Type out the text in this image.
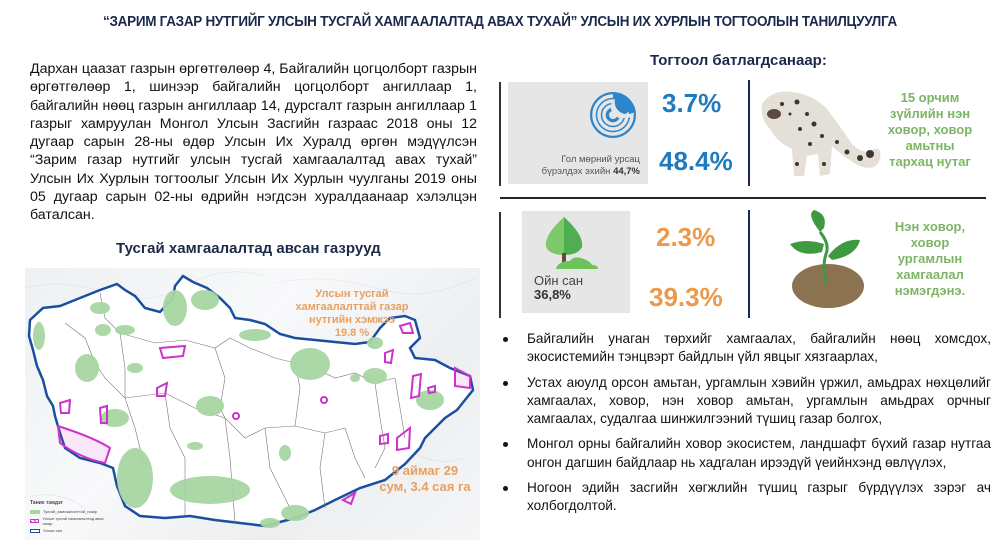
“ЗАРИМ ГАЗАР НУТГИЙГ УЛСЫН ТУСГАЙ ХАМГААЛАЛТАД АВАХ ТУХАЙ” УЛСЫН ИХ ХУРЛЫН ТОГТООЛЫН ТАНИЛЦУУЛГА
Дархан цаазат газрын өргөтгөлөөр 4, Байгалийн цогцолборт газрын өргөтгөлөөр 1, шинээр байгалийн цогцолборт ангиллаар 1, байгалийн нөөц газрын ангиллаар 14, дурсгалт газрын ангиллаар 1 газрыг хамруулан Монгол Улсын Засгийн газраас 2018 оны 12 дугаар сарын 28-ны өдөр Улсын Их Хуралд өргөн мэдүүлсэн “Зарим газар нутгийг улсын тусгай хамгаалалтад авах тухай” Улсын Их Хурлын тогтоолыг Улсын Их Хурлын чуулганы 2019 оны 05 дугаар сарын 02-ны өдрийн нэгдсэн хуралдаанаар хэлэлцэн баталсан.
Тусгай хамгаалалтад авсан газрууд
Улсын тусгай
хамгаалалттай газар
нутгийн хэмжээ
19.8 %
9 аймаг 29
сум, 3.4 сая га
Таних тэмдэг
Тусгай_хамгаалалттай_газар
Улсын тусгай хамгаалалтад авах газар
Улсын хил
Тогтоол батлагдсанаар:
Гол мөрний урсац
бүрэлдэх эхийн 44,7%
3.7%
48.4%
15 орчим
зүйлийн нэн
ховор, ховор
амьтны
тархац нутаг
Ойн сан
36,8%
2.3%
39.3%
Нэн ховор,
ховор
ургамлын
хамгаалал
нэмэгдэнэ.
Байгалийн унаган төрхийг хамгаалах, байгалийн нөөц хомсдох, экосистемийн тэнцвэрт байдлын үйл явцыг хязгаарлах,
Устах аюулд орсон амьтан, ургамлын хэвийн үржил, амьдрах нөхцөлийг хамгаалах, ховор, нэн ховор амьтан, ургамлын амьдрах орчныг хамгаалах, судалгаа шинжилгээний түшиц газар болгох,
Монгол орны байгалийн ховор экосистем, ландшафт бүхий газар нутгаа онгон дагшин байдлаар нь хадгалан ирээдүй үеийнхэнд өвлүүлэх,
Ногоон эдийн засгийн хөгжлийн түшиц газрыг бүрдүүлэх зэрэг ач холбогдолтой.
